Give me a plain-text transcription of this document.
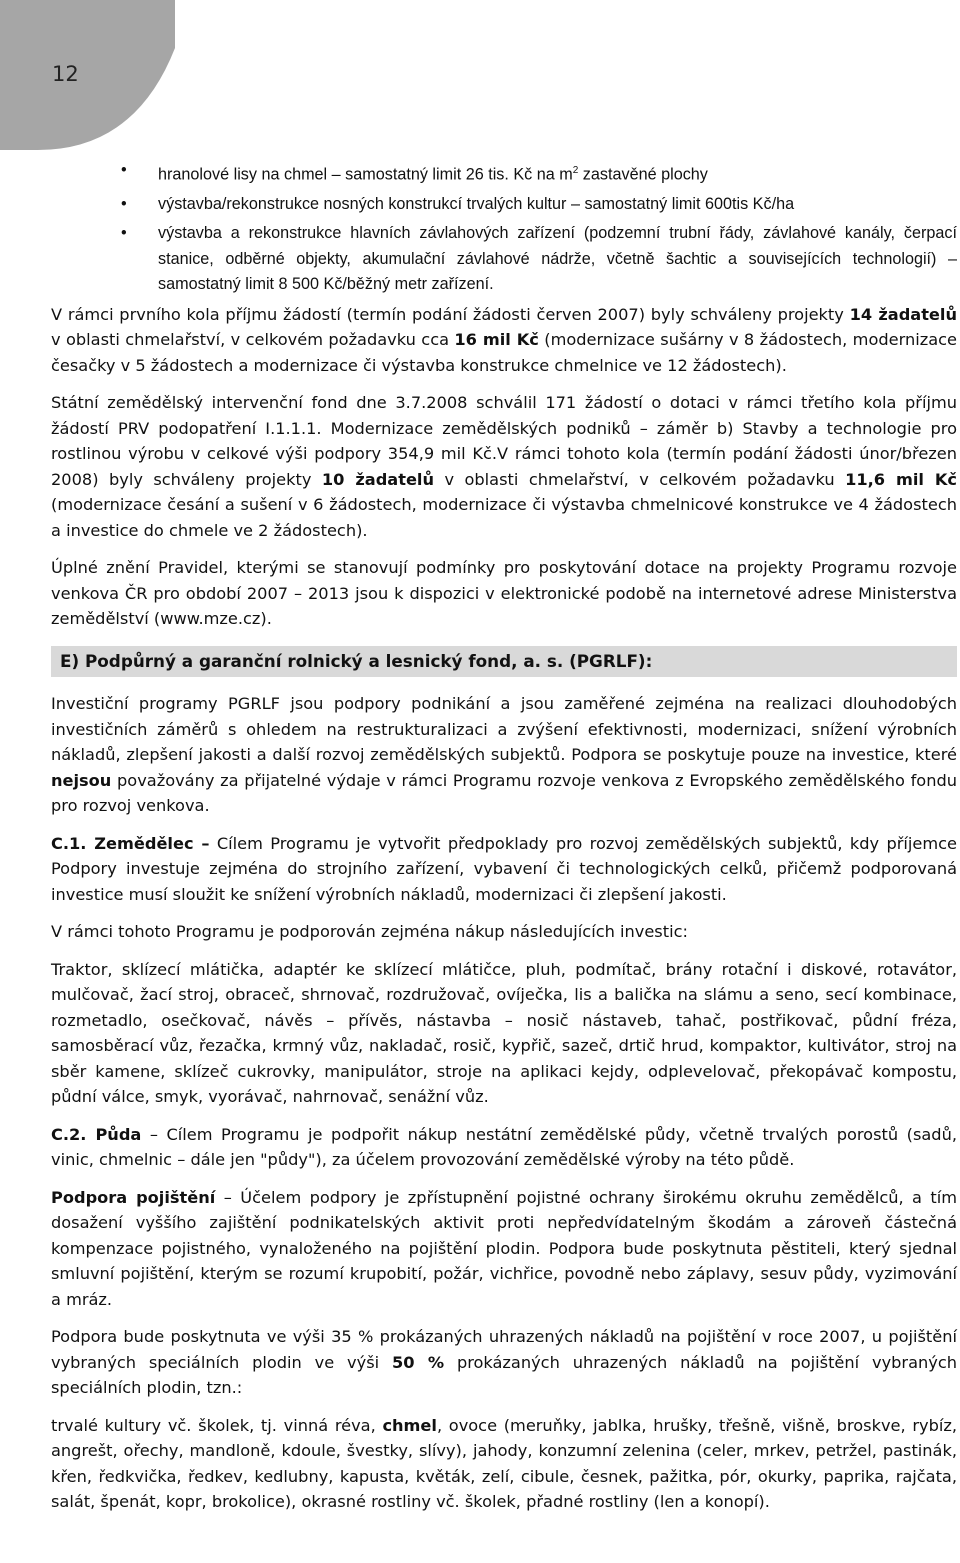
12
• hranolové lisy na chmel – samostatný limit 26 tis. Kč na $m^2$ zastavěné plochy
• výstavba/rekonstrukce nosných konstrukcí trvalých kultur – samostatný limit 600tis Kč/ha
• výstavba a rekonstrukce hlavních závlahových zařízení (podzemní trubní řády, závlahové kanály, čerpací stanice, odběrné objekty, akumulační závlahové nádrže, včetně šachtic a souvisejících technologií) – samostatný limit 8 500 Kč/běžný metr zařízení.

V rámci prvního kola příjmu žádostí (termín podání žádosti červen 2007) byly schváleny projekty 14 žadatelů v oblasti chmelařství, v celkovém požadavku cca 16 mil Kč (modernizace sušárny v 8 žádostech, modernizace česačky v 5 žádostech a modernizace či výstavba konstrukce chmelnice ve 12 žádostech).

Státní zemědělský intervenční fond dne 3.7.2008 schválil 171 žádostí o dotaci v rámci třetího kola příjmu žádostí PRV podopatření I.1.1.1. Modernizace zemědělských podniků – záměr b) Stavby a technologie pro rostlinou výrobu v celkové výši podpory 354,9 mil Kč.V rámci tohoto kola (termín podání žádosti únor/březen 2008) byly schváleny projekty 10 žadatelů v oblasti chmelařství, v celkovém požadavku 11,6 mil Kč (modernizace česání a sušení v 6 žádostech, modernizace či výstavba chmelnicové konstrukce ve 4 žádostech a investice do chmele ve 2 žádostech).

Úplné znění Pravidel, kterými se stanovují podmínky pro poskytování dotace na projekty Programu rozvoje venkova ČR pro období 2007 – 2013 jsou k dispozici v elektronické podobě na internetové adrese Ministerstva zemědělství (www.mze.cz).

E) Podpůrný a garanční rolnický a lesnický fond, a. s. (PGRLF):

Investiční programy PGRLF jsou podpory podnikání a jsou zaměřené zejména na realizaci dlouhodobých investičních záměrů s ohledem na restrukturalizaci a zvýšení efektivnosti, modernizaci, snížení výrobních nákladů, zlepšení jakosti a další rozvoj zemědělských subjektů. Podpora se poskytuje pouze na investice, které nejsou považovány za přijatelné výdaje v rámci Programu rozvoje venkova z Evropského zemědělského fondu pro rozvoj venkova.

C.1. Zemědělec – Cílem Programu je vytvořit předpoklady pro rozvoj zemědělských subjektů, kdy příjemce Podpory investuje zejména do strojního zařízení, vybavení či technologických celků, přičemž podporovaná investice musí sloužit ke snížení výrobních nákladů, modernizaci či zlepšení jakosti.

V rámci tohoto Programu je podporován zejména nákup následujících investic:

Traktor, sklízecí mlátička, adaptér ke sklízecí mlátičce, pluh, podmítač, brány rotační i diskové, rotavátor, mulčovač, žací stroj, obraceč, shrnovač, rozdružovač, ovíječka, lis a balička na slámu a seno, secí kombinace, rozmetadlo, osečkovač, návěs – přívěs, nástavba – nosič nástaveb, tahač, postřikovač, půdní fréza, samosběrací vůz, řezačka, krmný vůz, nakladač, rosič, kypřič, sazeč, drtič hrud, kompaktor, kultivátor, stroj na sběr kamene, sklízeč cukrovky, manipulátor, stroje na aplikaci kejdy, odplevelovač, překopávač kompostu, půdní válce, smyk, vyorávač, nahrnovač, senážní vůz.

C.2. Půda – Cílem Programu je podpořit nákup nestátní zemědělské půdy, včetně trvalých porostů (sadů, vinic, chmelnic – dále jen "půdy"), za účelem provozování zemědělské výroby na této půdě.

Podpora pojištění – Účelem podpory je zpřístupnění pojistné ochrany širokému okruhu zemědělců, a tím dosažení vyššího zajištění podnikatelských aktivit proti nepředvídatelným škodám a zároveň částečná kompenzace pojistného, vynaloženého na pojištění plodin. Podpora bude poskytnuta pěstiteli, který sjednal smluvní pojištění, kterým se rozumí krupobití, požár, vichřice, povodně nebo záplavy, sesuv půdy, vyzimování a mráz.

Podpora bude poskytnuta ve výši 35 % prokázaných uhrazených nákladů na pojištění v roce 2007, u pojištění vybraných speciálních plodin ve výši 50 % prokázaných uhrazených nákladů na pojištění vybraných speciálních plodin, tzn.:

trvalé kultury vč. školek, tj. vinná réva, chmel, ovoce (meruňky, jablka, hrušky, třešně, višně, broskve, rybíz, angrešt, ořechy, mandloně, kdoule, švestky, slívy), jahody, konzumní zelenina (celer, mrkev, petržel, pastinák, křen, ředkvička, ředkev, kedlubny, kapusta, květák, zelí, cibule, česnek, pažitka, pór, okurky, paprika, rajčata, salát, špenát, kopr, brokolice), okrasné rostliny vč. školek, přadné rostliny (len a konopí).
